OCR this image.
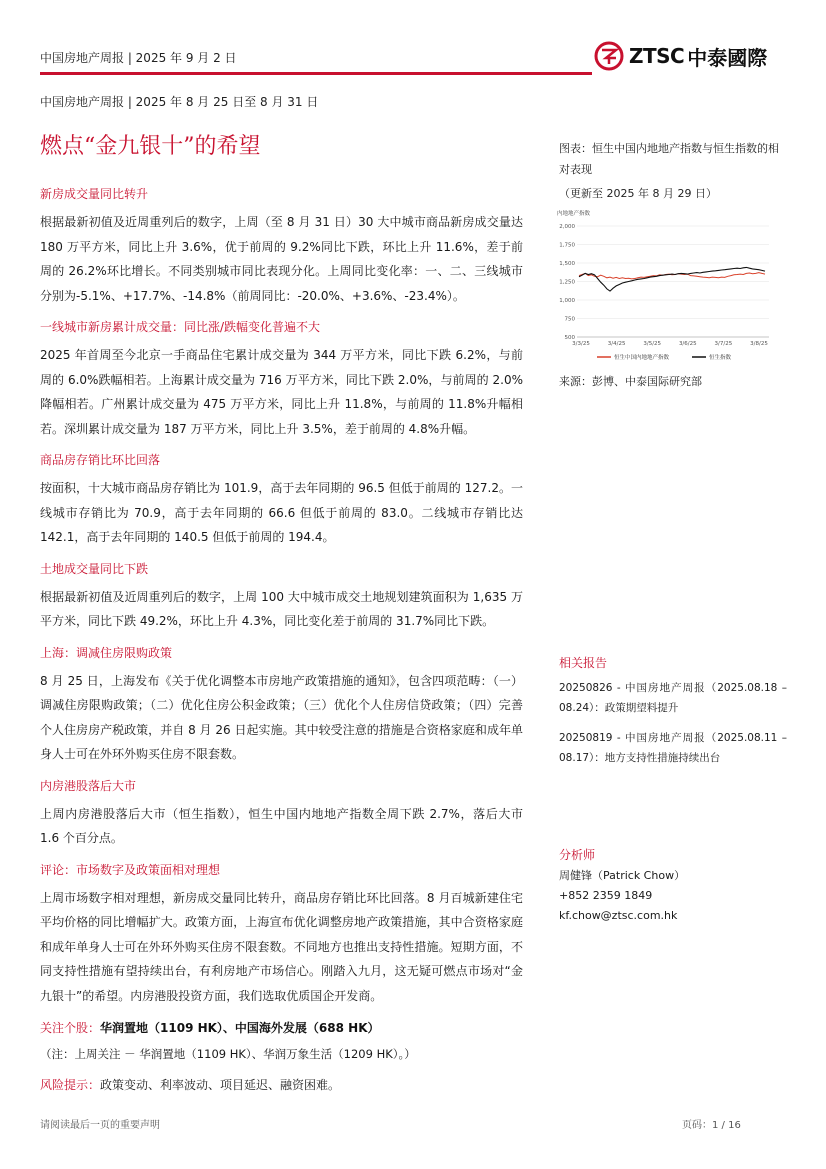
中国房地产周报 | 2025 年 9 月 2 日	ZTSC 中泰國際
中国房地产周报 | 2025 年 8 月 25 日至 8 月 31 日
燃点“金九银十”的希望
新房成交量同比转升
根据最新初值及近周重列后的数字，上周（至 8 月 31 日）30 大中城市商品新房成交量达 180 万平方米，同比上升 3.6%，优于前周的 9.2%同比下跌，环比上升 11.6%，差于前周的 26.2%环比增长。不同类别城市同比表现分化。上周同比变化率：一、二、三线城市分别为-5.1%、+17.7%、-14.8%（前周同比：-20.0%、+3.6%、-23.4%）。
一线城市新房累计成交量：同比涨/跌幅变化普遍不大
2025 年首周至今北京一手商品住宅累计成交量为 344 万平方米，同比下跌 6.2%，与前周的 6.0%跌幅相若。上海累计成交量为 716 万平方米，同比下跌 2.0%，与前周的 2.0%降幅相若。广州累计成交量为 475 万平方米，同比上升 11.8%，与前周的 11.8%升幅相若。深圳累计成交量为 187 万平方米，同比上升 3.5%，差于前周的 4.8%升幅。
商品房存销比环比回落
按面积，十大城市商品房存销比为 101.9，高于去年同期的 96.5 但低于前周的 127.2。一线城市存销比为 70.9，高于去年同期的 66.6 但低于前周的 83.0。二线城市存销比达 142.1，高于去年同期的 140.5 但低于前周的 194.4。
土地成交量同比下跌
根据最新初值及近周重列后的数字，上周 100 大中城市成交土地规划建筑面积为 1,635 万平方米，同比下跌 49.2%，环比上升 4.3%，同比变化差于前周的 31.7%同比下跌。
上海：调减住房限购政策
8 月 25 日，上海发布《关于优化调整本市房地产政策措施的通知》，包含四项范畴：（一）调减住房限购政策；（二）优化住房公积金政策；（三）优化个人住房信贷政策；（四）完善个人住房房产税政策，并自 8 月 26 日起实施。其中较受注意的措施是合资格家庭和成年单身人士可在外环外购买住房不限套数。
内房港股落后大市
上周内房港股落后大市（恒生指数），恒生中国内地地产指数全周下跌 2.7%，落后大市 1.6 个百分点。
评论：市场数字及政策面相对理想
上周市场数字相对理想，新房成交量同比转升，商品房存销比环比回落。8 月百城新建住宅平均价格的同比增幅扩大。政策方面，上海宣布优化调整房地产政策措施，其中合资格家庭和成年单身人士可在外环外购买住房不限套数。不同地方也推出支持性措施。短期方面，不同支持性措施有望持续出台，有利房地产市场信心。刚踏入九月，这无疑可燃点市场对“金九银十”的希望。内房港股投资方面，我们选取优质国企开发商。
关注个股：华润置地（1109 HK）、中国海外发展（688 HK）
（注：上周关注 － 华润置地（1109 HK）、华润万象生活（1209 HK）。）
风险提示：政策变动、利率波动、项目延迟、融资困难。
图表：恒生中国内地地产指数与恒生指数的相对表现
（更新至 2025 年 8 月 29 日）
内地地产指数
2,000
1,750
1,500
1,250
1,000
750
500
3/3/25	3/4/25	3/5/25	3/6/25	3/7/25	3/8/25
恒生中国内地地产指数	恒生指数
来源：彭博、中泰国际研究部
相关报告
20250826 - 中国房地产周报（2025.08.18 – 08.24）：政策期望料提升
20250819 - 中国房地产周报（2025.08.11 – 08.17）：地方支持性措施持续出台
分析师
周健锋（Patrick Chow）
+852 2359 1849
kf.chow@ztsc.com.hk
请阅读最后一页的重要声明	页码：1 / 16
